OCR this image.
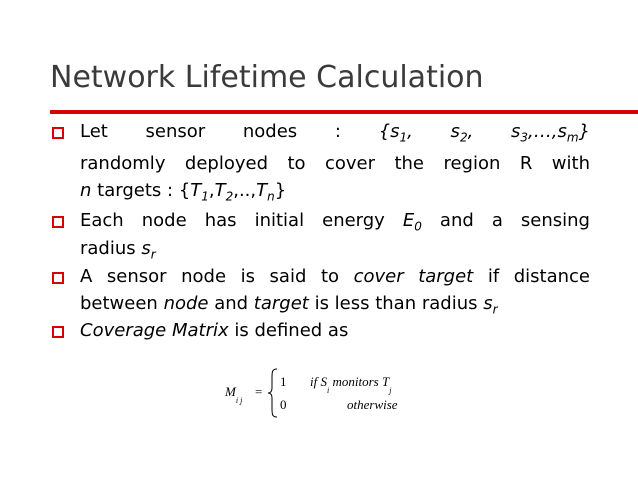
Network Lifetime Calculation
Let sensor nodes : {$s_1$, $s_2$, $s_3,\dots,s_m$}
randomly deployed to cover the region R with
n targets : $\{T_1,T_2,..,T_n\}$
Each node has initial energy $E_0$ and a sensing
radius $s_r$
A sensor node is said to cover target if distance
between node and target is less than radius $s_r$
Coverage Matrix is defined as
$M_{i j}$
=
1 if $S_i$ monitors $T_j$
0	otherwise
